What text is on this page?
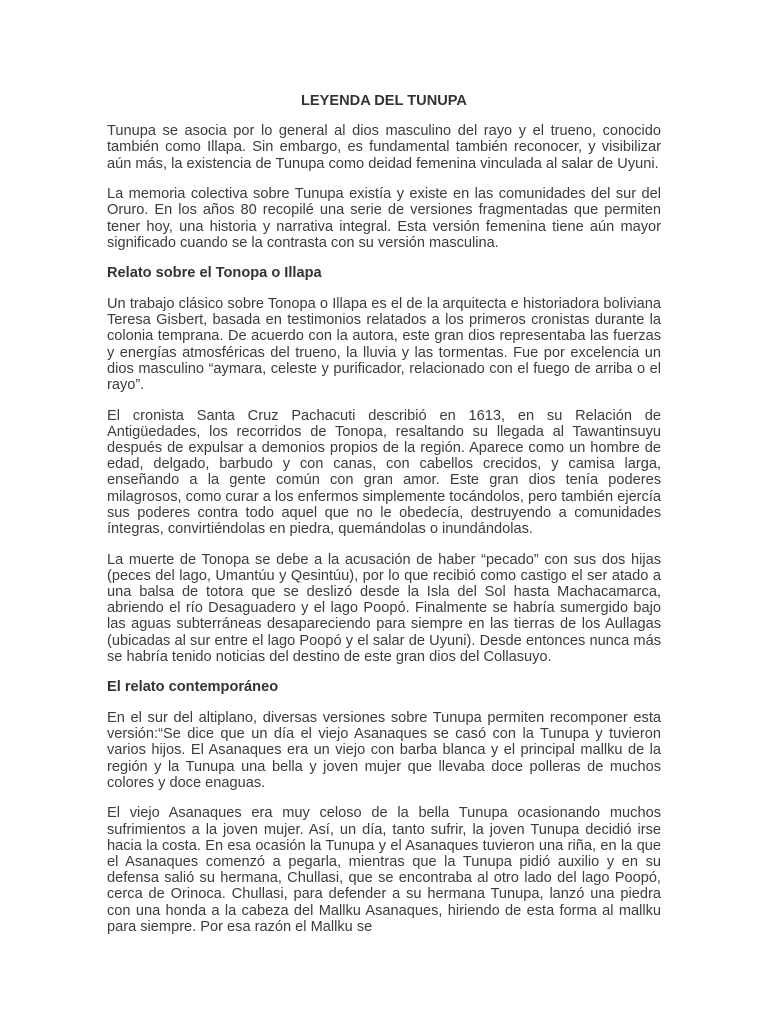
LEYENDA DEL TUNUPA
Tunupa se asocia por lo general al dios masculino del rayo y el trueno, conocido también como Illapa. Sin embargo, es fundamental también reconocer, y visibilizar aún más, la existencia de Tunupa como deidad femenina vinculada al salar de Uyuni.
La memoria colectiva sobre Tunupa existía y existe en las comunidades del sur del Oruro. En los años 80 recopilé una serie de versiones fragmentadas que permiten tener hoy, una historia y narrativa integral. Esta versión femenina tiene aún mayor significado cuando se la contrasta con su versión masculina.
Relato sobre el Tonopa o Illapa
Un trabajo clásico sobre Tonopa o Illapa es el de la arquitecta e historiadora boliviana Teresa Gisbert, basada en testimonios relatados a los primeros cronistas durante la colonia temprana. De acuerdo con la autora, este gran dios representaba las fuerzas y energías atmosféricas del trueno, la lluvia y las tormentas. Fue por excelencia un dios masculino “aymara, celeste y purificador, relacionado con el fuego de arriba o el rayo”.
El cronista Santa Cruz Pachacuti describió en 1613, en su Relación de Antigüedades, los recorridos de Tonopa, resaltando su llegada al Tawantinsuyu después de expulsar a demonios propios de la región. Aparece como un hombre de edad, delgado, barbudo y con canas, con cabellos crecidos, y camisa larga, enseñando a la gente común con gran amor. Este gran dios tenía poderes milagrosos, como curar a los enfermos simplemente tocándolos, pero también ejercía sus poderes contra todo aquel que no le obedecía, destruyendo a comunidades íntegras, convirtiéndolas en piedra, quemándolas o inundándolas.
La muerte de Tonopa se debe a la acusación de haber “pecado” con sus dos hijas (peces del lago, Umantúu y Qesintúu), por lo que recibió como castigo el ser atado a una balsa de totora que se deslizó desde la Isla del Sol hasta Machacamarca, abriendo el río Desaguadero y el lago Poopó. Finalmente se habría sumergido bajo las aguas subterráneas desapareciendo para siempre en las tierras de los Aullagas (ubicadas al sur entre el lago Poopó y el salar de Uyuni). Desde entonces nunca más se habría tenido noticias del destino de este gran dios del Collasuyo.
El relato contemporáneo
En el sur del altiplano, diversas versiones sobre Tunupa permiten recomponer esta versión:“Se dice que un día el viejo Asanaques se casó con la Tunupa y tuvieron varios hijos. El Asanaques era un viejo con barba blanca y el principal mallku de la región y la Tunupa una bella y joven mujer que llevaba doce polleras de muchos colores y doce enaguas.
El viejo Asanaques era muy celoso de la bella Tunupa ocasionando muchos sufrimientos a la joven mujer. Así, un día, tanto sufrir, la joven Tunupa decidió irse hacia la costa. En esa ocasión la Tunupa y el Asanaques tuvieron una riña, en la que el Asanaques comenzó a pegarla, mientras que la Tunupa pidió auxilio y en su defensa salió su hermana, Chullasi, que se encontraba al otro lado del lago Poopó, cerca de Orinoca. Chullasi, para defender a su hermana Tunupa, lanzó una piedra con una honda a la cabeza del Mallku Asanaques, hiriendo de esta forma al mallku para siempre. Por esa razón el Mallku se
